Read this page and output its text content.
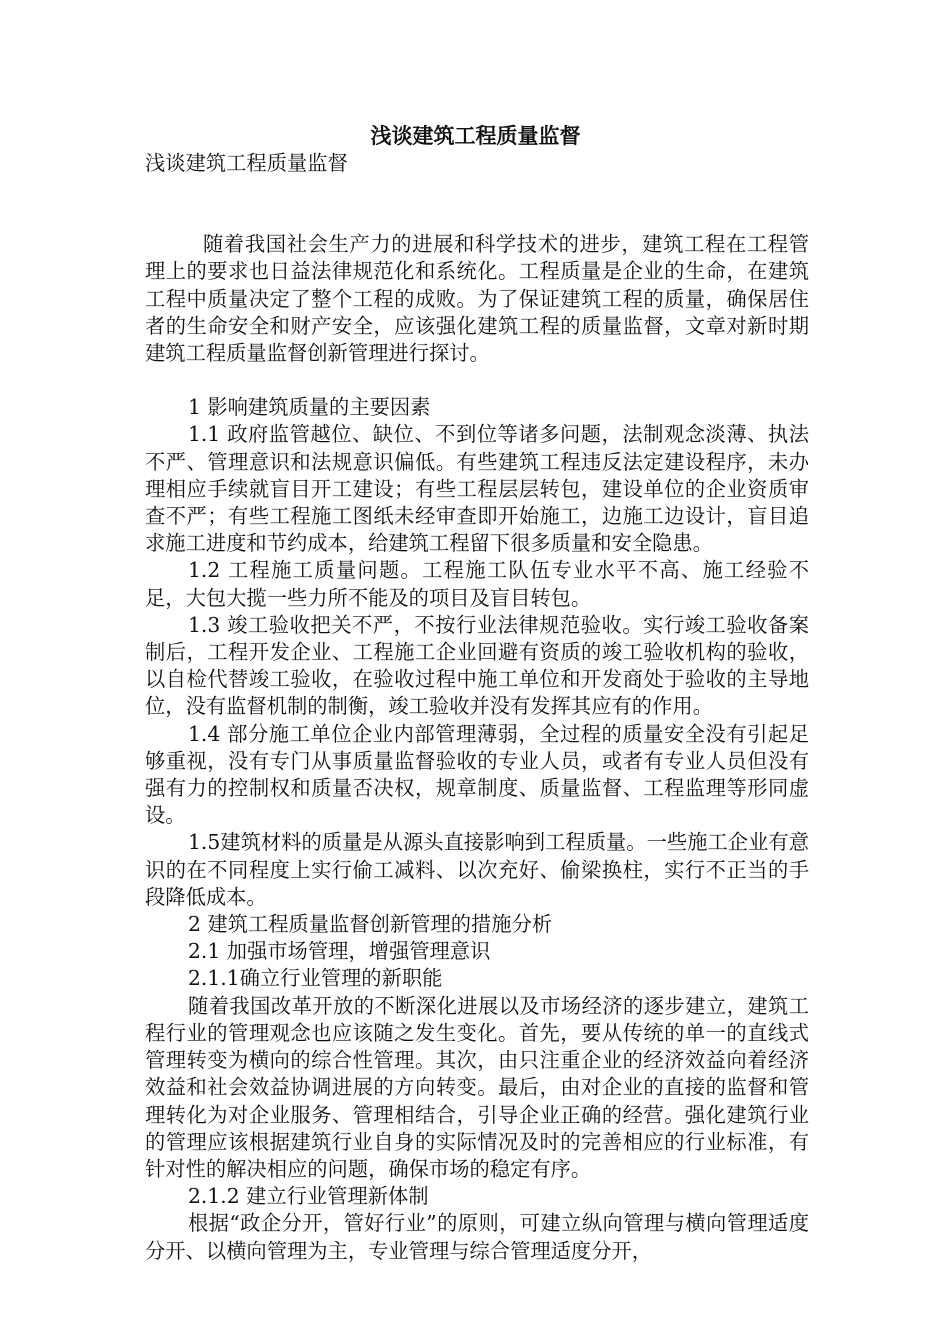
浅谈建筑工程质量监督

浅谈建筑工程质量监督

随着我国社会生产力的进展和科学技术的进步，建筑工程在工程管理上的要求也日益法律规范化和系统化。工程质量是企业的生命，在建筑工程中质量决定了整个工程的成败。为了保证建筑工程的质量，确保居住者的生命安全和财产安全，应该强化建筑工程的质量监督，文章对新时期建筑工程质量监督创新管理进行探讨。

1 影响建筑质量的主要因素

1.1 政府监管越位、缺位、不到位等诸多问题，法制观念淡薄、执法不严、管理意识和法规意识偏低。有些建筑工程违反法定建设程序，未办理相应手续就盲目开工建设；有些工程层层转包，建设单位的企业资质审查不严；有些工程施工图纸未经审查即开始施工，边施工边设计，盲目追求施工进度和节约成本，给建筑工程留下很多质量和安全隐患。

1.2 工程施工质量问题。工程施工队伍专业水平不高、施工经验不足，大包大揽一些力所不能及的项目及盲目转包。

1.3 竣工验收把关不严，不按行业法律规范验收。实行竣工验收备案制后，工程开发企业、工程施工企业回避有资质的竣工验收机构的验收，以自检代替竣工验收，在验收过程中施工单位和开发商处于验收的主导地位，没有监督机制的制衡，竣工验收并没有发挥其应有的作用。

1.4 部分施工单位企业内部管理薄弱，全过程的质量安全没有引起足够重视，没有专门从事质量监督验收的专业人员，或者有专业人员但没有强有力的控制权和质量否决权，规章制度、质量监督、工程监理等形同虚设。

1.5建筑材料的质量是从源头直接影响到工程质量。一些施工企业有意识的在不同程度上实行偷工减料、以次充好、偷梁换柱，实行不正当的手段降低成本。

2 建筑工程质量监督创新管理的措施分析

2.1 加强市场管理，增强管理意识

2.1.1确立行业管理的新职能

随着我国改革开放的不断深化进展以及市场经济的逐步建立，建筑工程行业的管理观念也应该随之发生变化。首先，要从传统的单一的直线式管理转变为横向的综合性管理。其次，由只注重企业的经济效益向着经济效益和社会效益协调进展的方向转变。最后，由对企业的直接的监督和管理转化为对企业服务、管理相结合，引导企业正确的经营。强化建筑行业的管理应该根据建筑行业自身的实际情况及时的完善相应的行业标准，有针对性的解决相应的问题，确保市场的稳定有序。

2.1.2 建立行业管理新体制

根据“政企分开，管好行业”的原则，可建立纵向管理与横向管理适度分开、以横向管理为主，专业管理与综合管理适度分开，
